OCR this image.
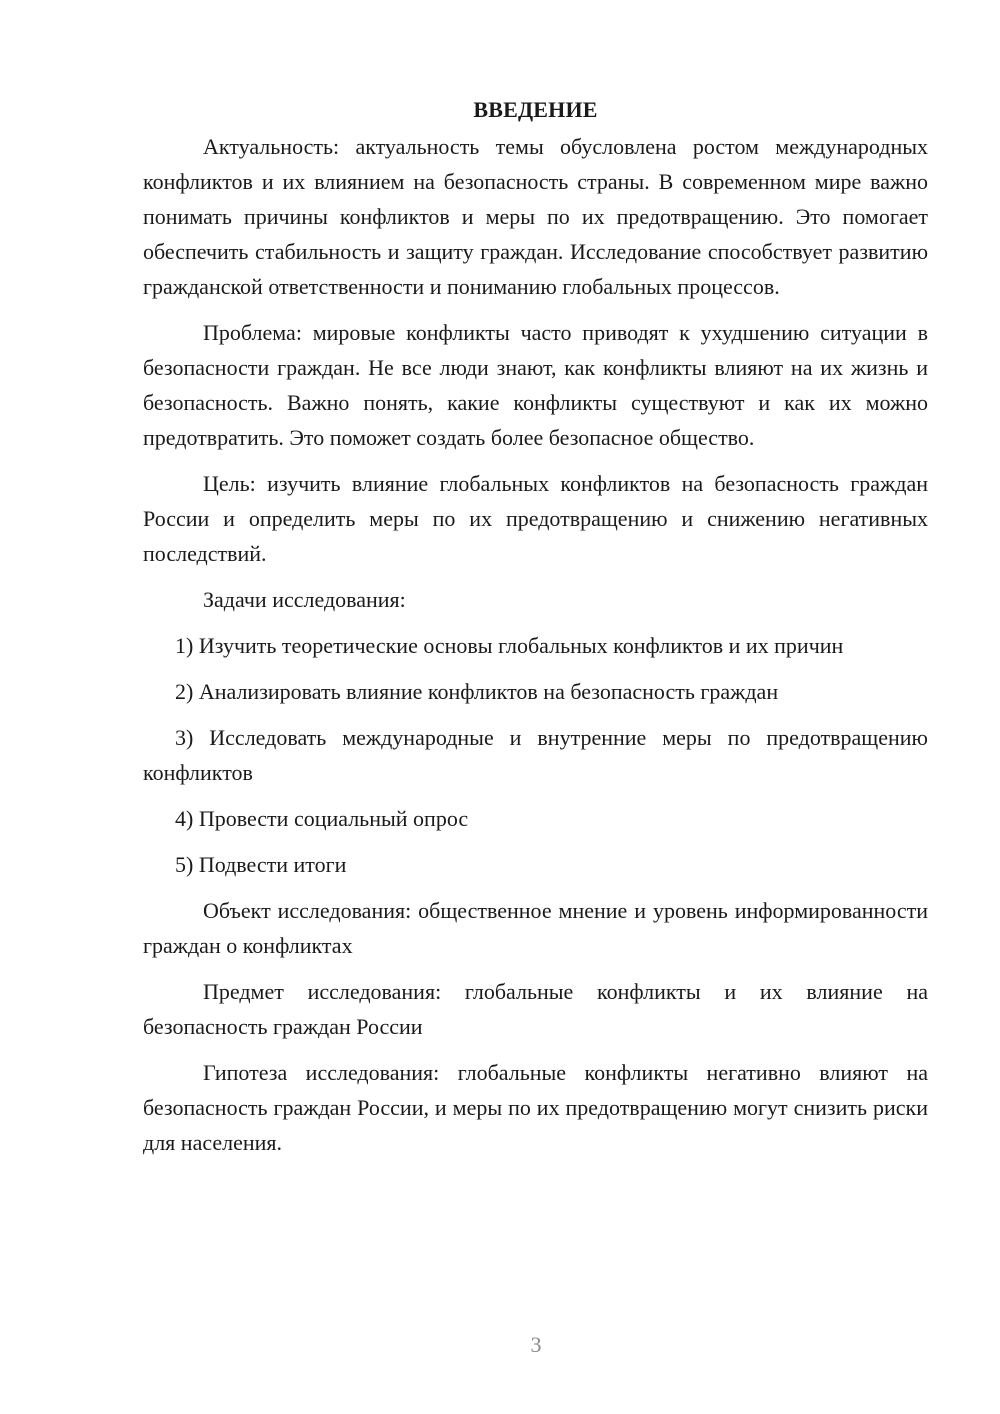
ВВЕДЕНИЕ

Актуальность: актуальность темы обусловлена ростом международных конфликтов и их влиянием на безопасность страны. В современном мире важно понимать причины конфликтов и меры по их предотвращению. Это помогает обеспечить стабильность и защиту граждан. Исследование способствует развитию гражданской ответственности и пониманию глобальных процессов.

Проблема: мировые конфликты часто приводят к ухудшению ситуации в безопасности граждан. Не все люди знают, как конфликты влияют на их жизнь и безопасность. Важно понять, какие конфликты существуют и как их можно предотвратить. Это поможет создать более безопасное общество.

Цель: изучить влияние глобальных конфликтов на безопасность граждан России и определить меры по их предотвращению и снижению негативных последствий.

Задачи исследования:

1) Изучить теоретические основы глобальных конфликтов и их причин

2) Анализировать влияние конфликтов на безопасность граждан

3) Исследовать международные и внутренние меры по предотвращению конфликтов

4) Провести социальный опрос

5) Подвести итоги

Объект исследования: общественное мнение и уровень информированности граждан о конфликтах

Предмет исследования: глобальные конфликты и их влияние на безопасность граждан России

Гипотеза исследования: глобальные конфликты негативно влияют на безопасность граждан России, и меры по их предотвращению могут снизить риски для населения.

3
